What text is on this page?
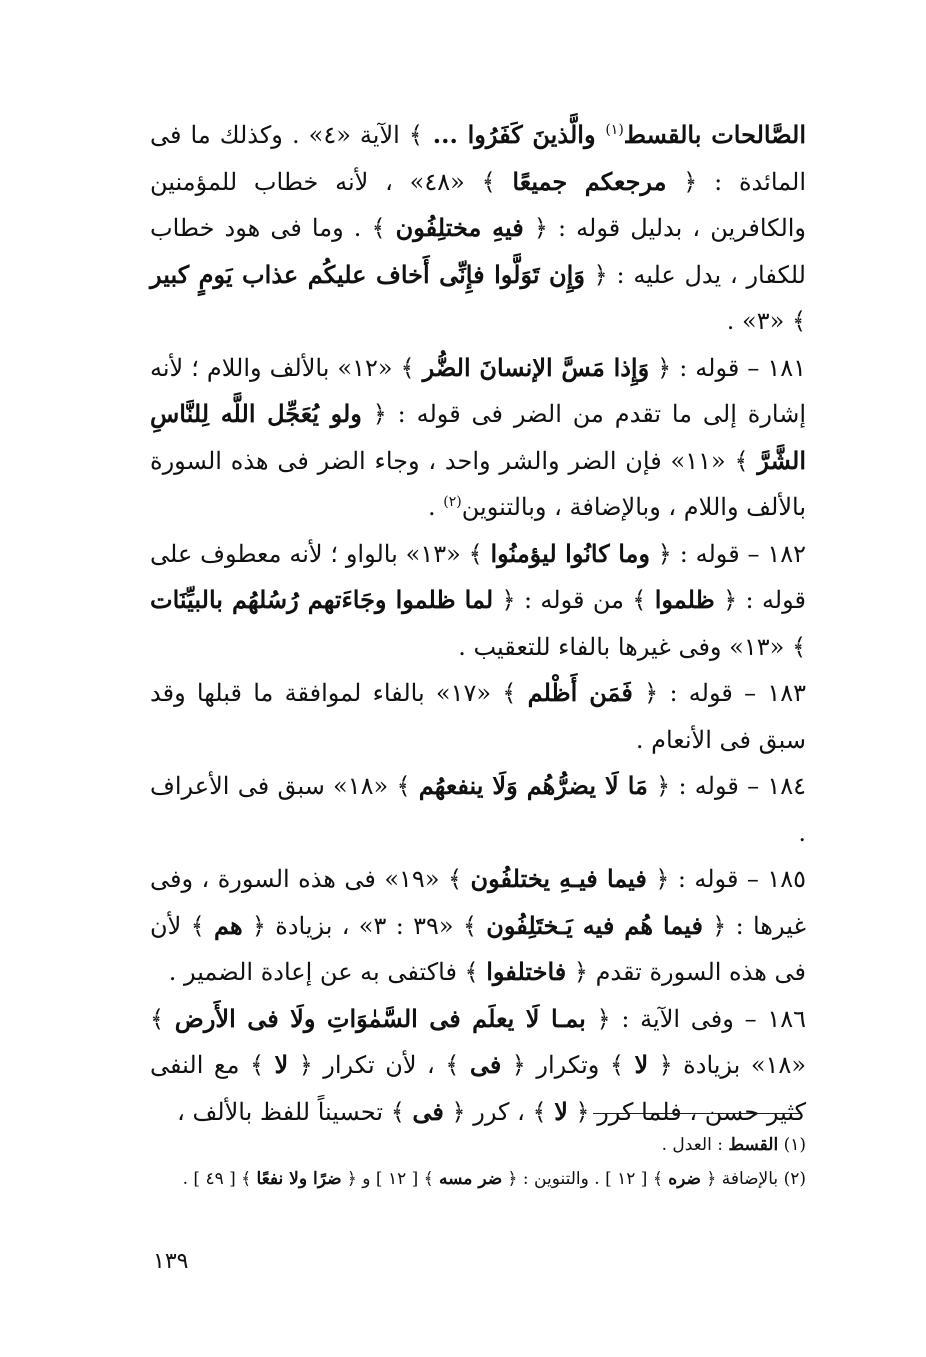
الصَّالحات بالقسط$^{(١)}$ والَّذينَ كَفَرُوا ... ﴾ الآية «٤» . وكذلك ما فى المائدة : ﴿ مرجعكم جميعًا ﴾ «٤٨» ، لأنه خطاب للمؤمنين والكافرين ، بدليل قوله : ﴿ فيهِ مختلِفُون ﴾ . وما فى هود خطاب للكفار ، يدل عليه : ﴿ وَإِن تَوَلَّوا فإِنِّى أَخاف عليكُم عذاب يَومٍ كبير ﴾ «٣» .

١٨١ – قوله : ﴿ وَإِذا مَسَّ الإنسانَ الضُّر ﴾ «١٢» بالألف واللام ؛ لأنه إشارة إلى ما تقدم من الضر فى قوله : ﴿ ولو يُعَجِّل اللَّه لِلنَّاسِ الشَّرَّ ﴾ «١١» فإن الضر والشر واحد ، وجاء الضر فى هذه السورة بالألف واللام ، وبالإضافة ، وبالتنوين$^{(٢)}$ .

١٨٢ – قوله : ﴿ وما كانُوا ليؤمنُوا ﴾ «١٣» بالواو ؛ لأنه معطوف على قوله : ﴿ ظلموا ﴾ من قوله : ﴿ لما ظلموا وجَاءَتهم رُسُلهُم بالبيِّنَات ﴾ «١٣» وفى غيرها بالفاء للتعقيب .

١٨٣ – قوله : ﴿ فَمَن أَظْلم ﴾ «١٧» بالفاء لموافقة ما قبلها وقد سبق فى الأنعام .

١٨٤ – قوله : ﴿ مَا لَا يضرُّهُم وَلَا ينفعهُم ﴾ «١٨» سبق فى الأعراف .

١٨٥ – قوله : ﴿ فيما فيـهِ يختلفُون ﴾ «١٩» فى هذه السورة ، وفى غيرها : ﴿ فيما هُم فيه يَـختَلِفُون ﴾ «٣٩ : ٣» ، بزيادة ﴿ هم ﴾ لأن فى هذه السورة تقدم ﴿ فاختلفوا ﴾ فاكتفى به عن إعادة الضمير .

١٨٦ – وفى الآية : ﴿ بمـا لَا يعلَم فى السَّمٰوَاتِ ولَا فى الأَرض ﴾ «١٨» بزيادة ﴿ لا ﴾ وتكرار ﴿ فى ﴾ ، لأن تكرار ﴿ لا ﴾ مع النفى كثير حسن ، فلما كرر ﴿ لا ﴾ ، كرر ﴿ فى ﴾ تحسيناً للفظ بالألف ،

(١) القسط : العدل .

(٢) بالإضافة ﴿ ضره ﴾ [ ١٢ ] . والتنوين : ﴿ ضر مسه ﴾ [ ١٢ ] و ﴿ ضرًا ولا نفعًا ﴾ [ ٤٩ ] .

١٣٩
